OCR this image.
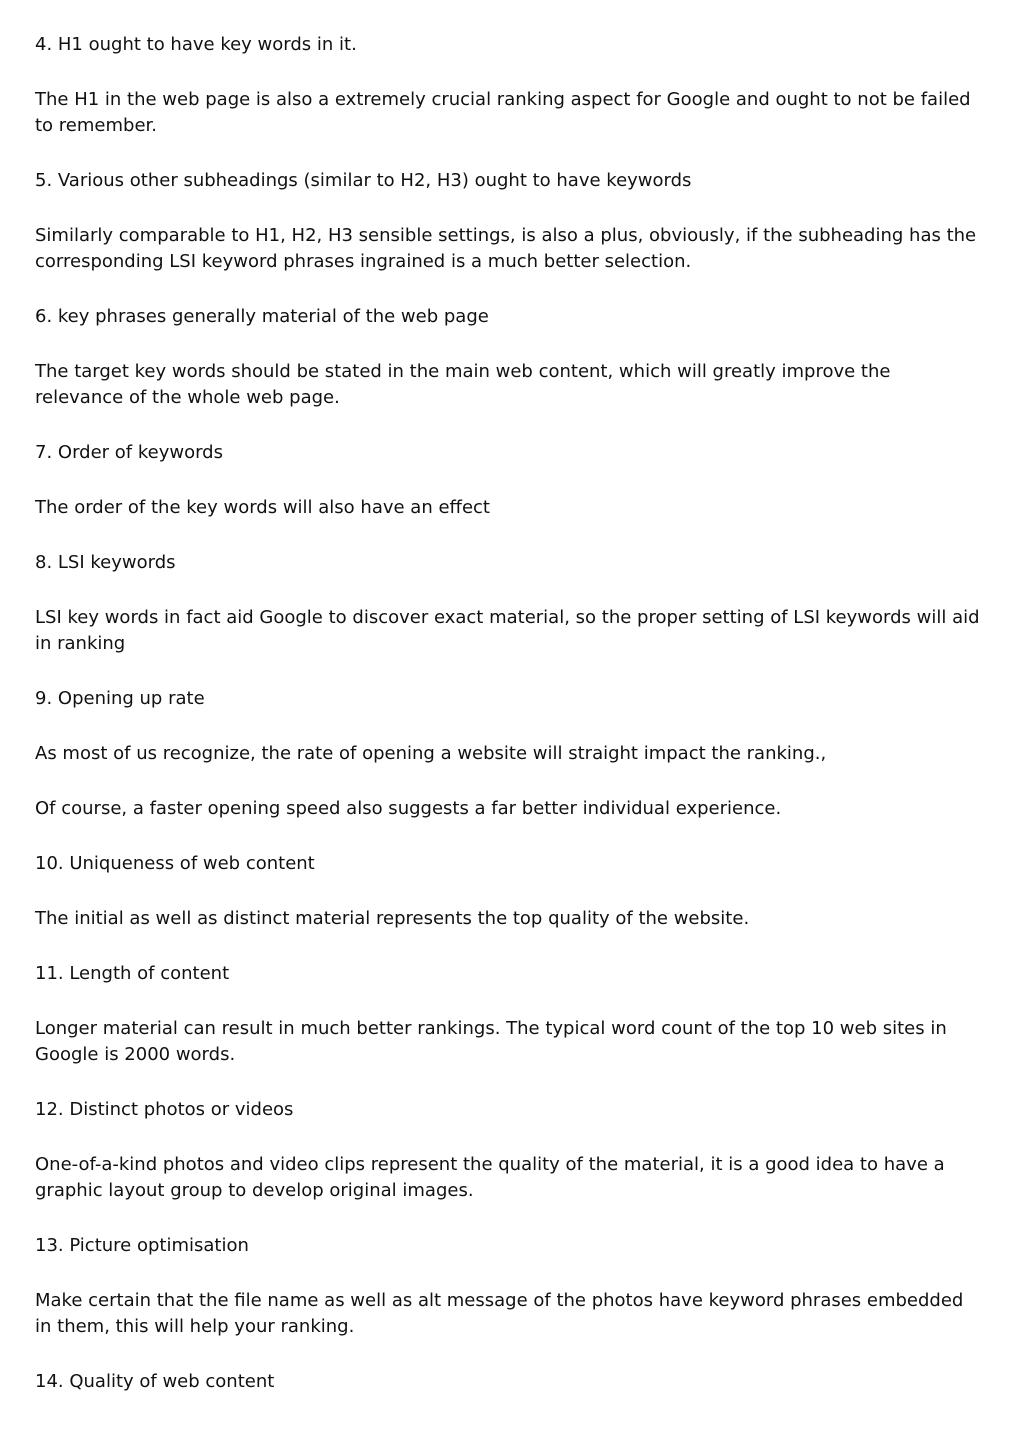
4. H1 ought to have key words in it.

The H1 in the web page is also a extremely crucial ranking aspect for Google and ought to not be failed to remember.

5. Various other subheadings (similar to H2, H3) ought to have keywords

Similarly comparable to H1, H2, H3 sensible settings, is also a plus, obviously, if the subheading has the corresponding LSI keyword phrases ingrained is a much better selection.

6. key phrases generally material of the web page

The target key words should be stated in the main web content, which will greatly improve the relevance of the whole web page.

7. Order of keywords

The order of the key words will also have an effect

8. LSI keywords

LSI key words in fact aid Google to discover exact material, so the proper setting of LSI keywords will aid in ranking

9. Opening up rate

As most of us recognize, the rate of opening a website will straight impact the ranking.,

Of course, a faster opening speed also suggests a far better individual experience.

10. Uniqueness of web content

The initial as well as distinct material represents the top quality of the website.

11. Length of content

Longer material can result in much better rankings. The typical word count of the top 10 web sites in Google is 2000 words.

12. Distinct photos or videos

One-of-a-kind photos and video clips represent the quality of the material, it is a good idea to have a graphic layout group to develop original images.

13. Picture optimisation

Make certain that the file name as well as alt message of the photos have keyword phrases embedded in them, this will help your ranking.

14. Quality of web content
